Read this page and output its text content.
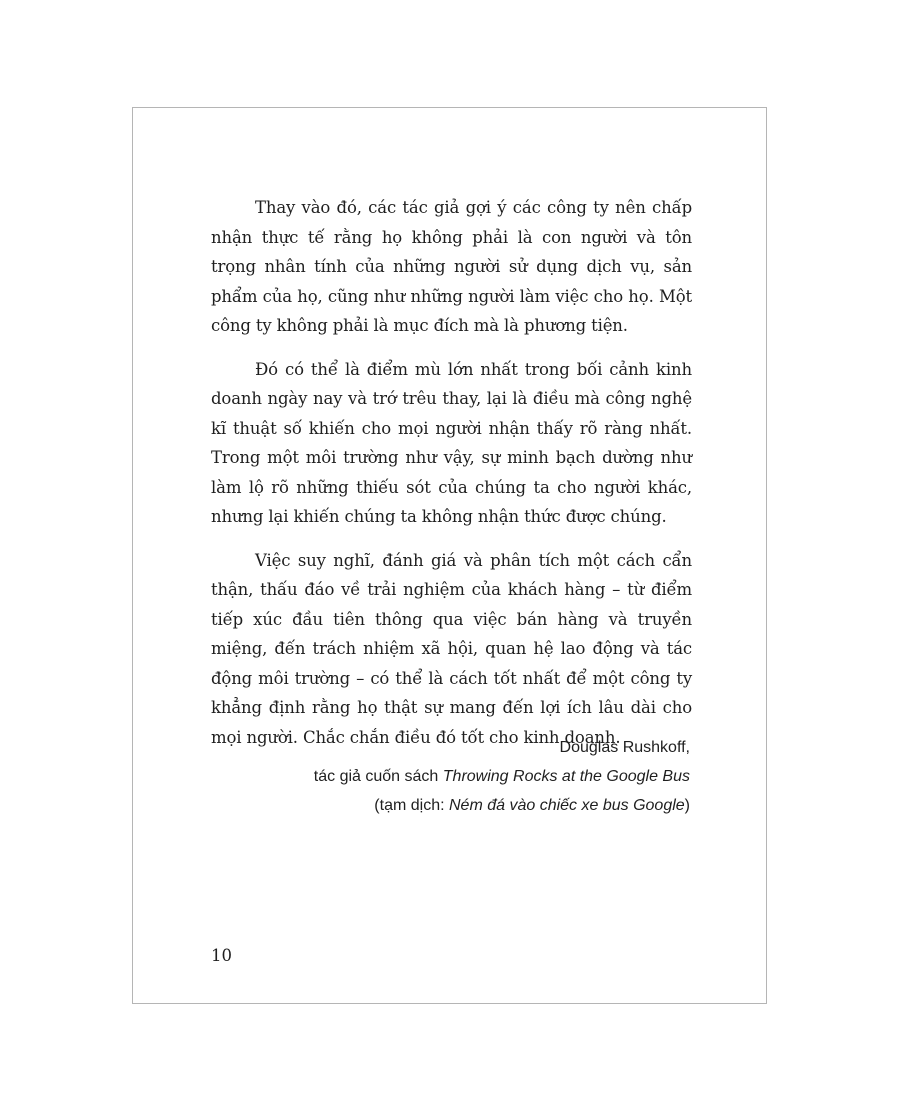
Thay vào đó, các tác giả gợi ý các công ty nên chấp nhận thực tế rằng họ không phải là con người và tôn trọng nhân tính của những người sử dụng dịch vụ, sản phẩm của họ, cũng như những người làm việc cho họ. Một công ty không phải là mục đích mà là phương tiện.

Đó có thể là điểm mù lớn nhất trong bối cảnh kinh doanh ngày nay và trớ trêu thay, lại là điều mà công nghệ kĩ thuật số khiến cho mọi người nhận thấy rõ ràng nhất. Trong một môi trường như vậy, sự minh bạch dường như làm lộ rõ những thiếu sót của chúng ta cho người khác, nhưng lại khiến chúng ta không nhận thức được chúng.

Việc suy nghĩ, đánh giá và phân tích một cách cẩn thận, thấu đáo về trải nghiệm của khách hàng – từ điểm tiếp xúc đầu tiên thông qua việc bán hàng và truyền miệng, đến trách nhiệm xã hội, quan hệ lao động và tác động môi trường – có thể là cách tốt nhất để một công ty khẳng định rằng họ thật sự mang đến lợi ích lâu dài cho mọi người. Chắc chắn điều đó tốt cho kinh doanh.

Douglas Rushkoff,
tác giả cuốn sách Throwing Rocks at the Google Bus
(tạm dịch: Ném đá vào chiếc xe bus Google)
10
